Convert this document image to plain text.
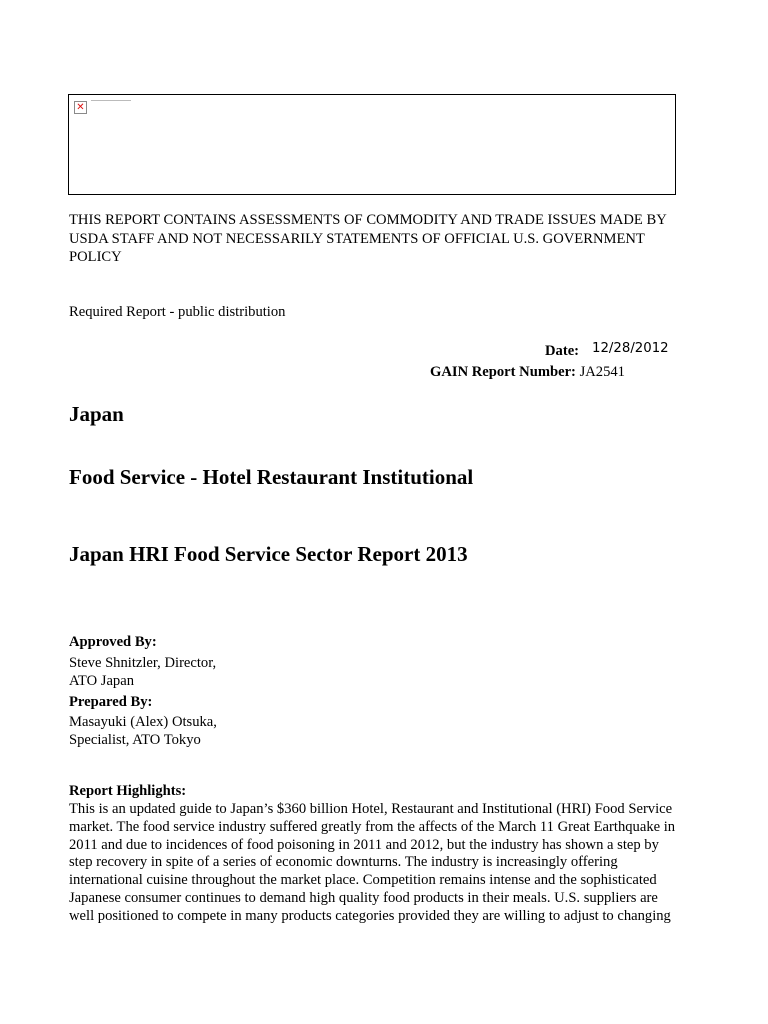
✕
THIS REPORT CONTAINS ASSESSMENTS OF COMMODITY AND TRADE ISSUES MADE BY
USDA STAFF AND NOT NECESSARILY STATEMENTS OF OFFICIAL U.S. GOVERNMENT
POLICY
Required Report - public distribution
Date: 12/28/2012
GAIN Report Number: JA2541
Japan
Food Service - Hotel Restaurant Institutional
Japan HRI Food Service Sector Report 2013
Approved By:
Steve Shnitzler, Director,
ATO Japan
Prepared By:
Masayuki (Alex) Otsuka,
Specialist, ATO Tokyo
Report Highlights:
This is an updated guide to Japan’s $360 billion Hotel, Restaurant and Institutional (HRI) Food Service
market. The food service industry suffered greatly from the affects of the March 11 Great Earthquake in
2011 and due to incidences of food poisoning in 2011 and 2012, but the industry has shown a step by
step recovery in spite of a series of economic downturns. The industry is increasingly offering
international cuisine throughout the market place. Competition remains intense and the sophisticated
Japanese consumer continues to demand high quality food products in their meals. U.S. suppliers are
well positioned to compete in many products categories provided they are willing to adjust to changing
